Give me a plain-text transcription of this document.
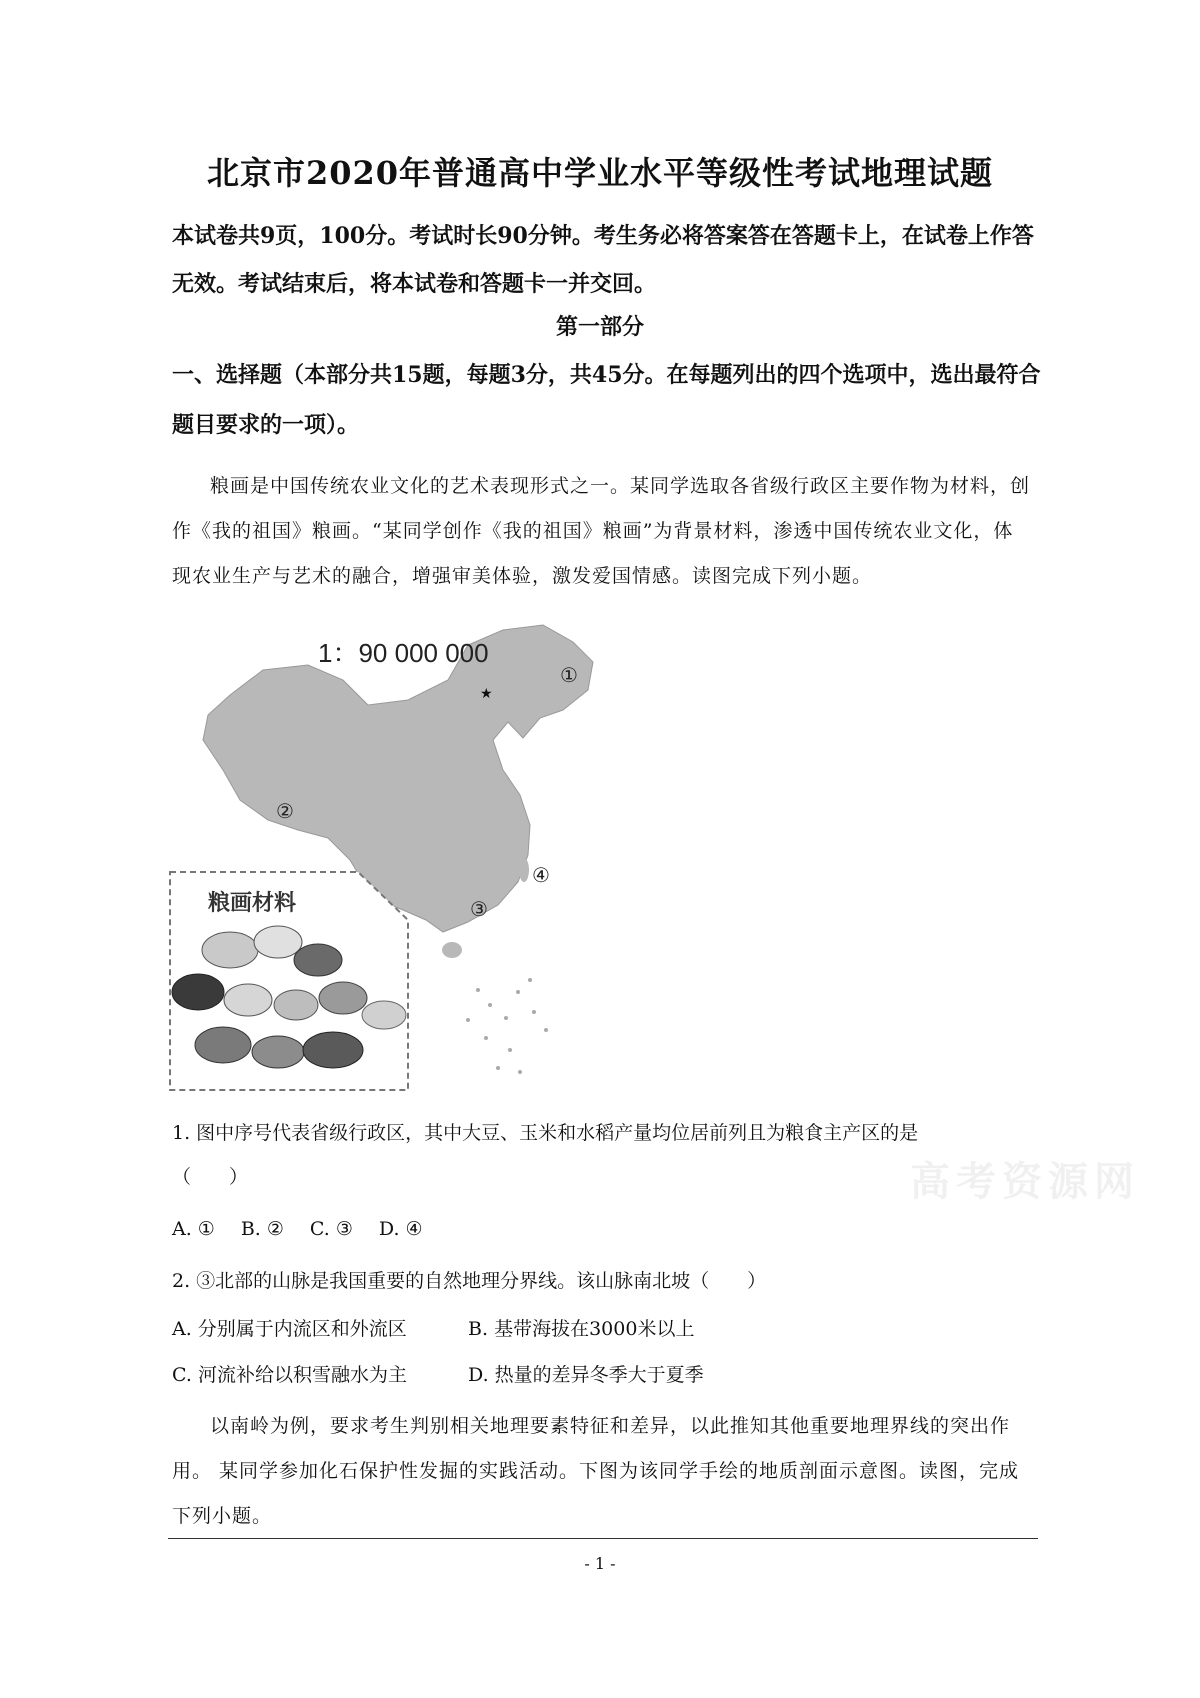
北京市2020年普通高中学业水平等级性考试地理试题
本试卷共9页，100分。考试时长90分钟。考生务必将答案答在答题卡上，在试卷上作答无效。考试结束后，将本试卷和答题卡一并交回。
第一部分
一、选择题（本部分共15题，每题3分，共45分。在每题列出的四个选项中，选出最符合题目要求的一项）。
粮画是中国传统农业文化的艺术表现形式之一。某同学选取各省级行政区主要作物为材料，创作《我的祖国》粮画。“某同学创作《我的祖国》粮画”为背景材料，渗透中国传统农业文化，体现农业生产与艺术的融合，增强审美体验，激发爱国情感。读图完成下列小题。
★
1：90 000 000
①
②
③
④
粮画材料
1. 图中序号代表省级行政区，其中大豆、玉米和水稻产量均位居前列且为粮食主产区的是
（　　）
A. ① B. ② C. ③ D. ④
2. ③北部的山脉是我国重要的自然地理分界线。该山脉南北坡（　　）
A. 分别属于内流区和外流区	B. 基带海拔在3000米以上
C. 河流补给以积雪融水为主	D. 热量的差异冬季大于夏季
高考资源网
以南岭为例，要求考生判别相关地理要素特征和差异，以此推知其他重要地理界线的突出作用。 某同学参加化石保护性发掘的实践活动。下图为该同学手绘的地质剖面示意图。读图，完成下列小题。
- 1 -
